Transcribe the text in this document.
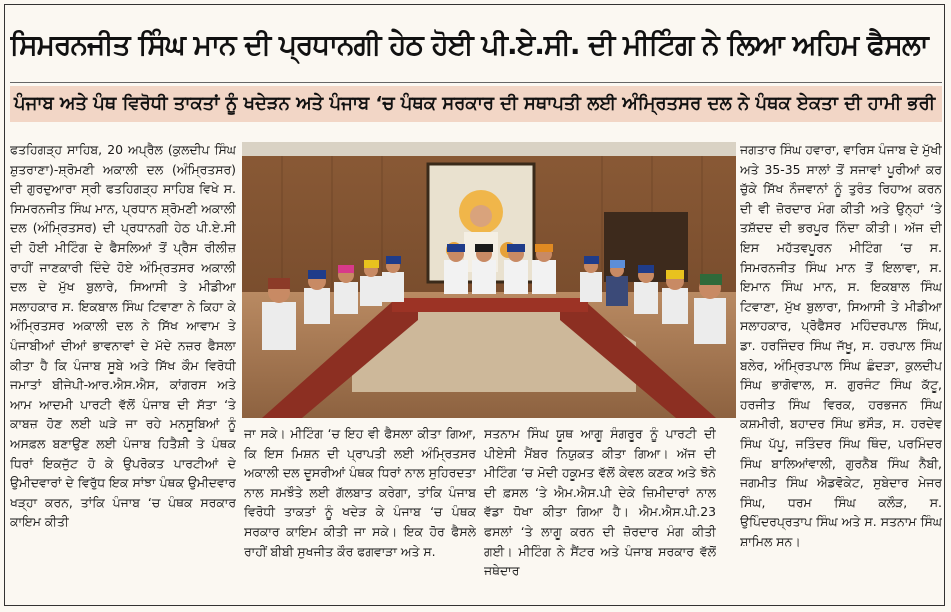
ਸਿਮਰਨਜੀਤ ਸਿੰਘ ਮਾਨ ਦੀ ਪ੍ਰਧਾਨਗੀ ਹੇਠ ਹੋਈ ਪੀ.ਏ.ਸੀ. ਦੀ ਮੀਟਿੰਗ ਨੇ ਲਿਆ ਅਹਿਮ ਫੈਸਲਾ
ਪੰਜਾਬ ਅਤੇ ਪੰਥ ਵਿਰੋਧੀ ਤਾਕਤਾਂ ਨੂੰ ਖਦੇੜਨ ਅਤੇ ਪੰਜਾਬ ‘ਚ ਪੰਥਕ ਸਰਕਾਰ ਦੀ ਸਥਾਪਤੀ ਲਈ ਅੰਮ੍ਰਿਤਸਰ ਦਲ ਨੇ ਪੰਥਕ ਏਕਤਾ ਦੀ ਹਾਮੀ ਭਰੀ
ਫਤਹਿਗੜ੍ਹ ਸਾਹਿਬ, 20 ਅਪ੍ਰੈਲ (ਕੁਲਦੀਪ ਸਿੰਘ ਸ਼ੁਤਰਾਣਾ)-ਸ਼੍ਰੋਮਣੀ ਅਕਾਲੀ ਦਲ (ਅੰਮ੍ਰਿਤਸਰ) ਦੀ ਗੁਰਦੁਆਰਾ ਸ੍ਰੀ ਫਤਹਿਗੜ੍ਹ ਸਾਹਿਬ ਵਿਖੇ ਸ. ਸਿਮਰਨਜੀਤ ਸਿੰਘ ਮਾਨ, ਪ੍ਰਧਾਨ ਸ਼੍ਰੋਮਣੀ ਅਕਾਲੀ ਦਲ (ਅੰਮ੍ਰਿਤਸਰ) ਦੀ ਪ੍ਰਧਾਨਗੀ ਹੇਠ ਪੀ.ਏ.ਸੀ ਦੀ ਹੋਈ ਮੀਟਿੰਗ ਦੇ ਫੈਸਲਿਆਂ ਤੋਂ ਪ੍ਰੈਸ ਰੀਲੀਜ਼ ਰਾਹੀਂ ਜਾਣਕਾਰੀ ਦਿੰਦੇ ਹੋਏ ਅੰਮ੍ਰਿਤਸਰ ਅਕਾਲੀ ਦਲ ਦੇ ਮੁੱਖ ਬੁਲਾਰੇ, ਸਿਆਸੀ ਤੇ ਮੀਡੀਆ ਸਲਾਹਕਾਰ ਸ. ਇਕਬਾਲ ਸਿੰਘ ਟਿਵਾਣਾ ਨੇ ਕਿਹਾ ਕੇ ਅੰਮ੍ਰਿਤਸਰ ਅਕਾਲੀ ਦਲ ਨੇ ਸਿੱਖ ਆਵਾਮ ਤੇ ਪੰਜਾਬੀਆਂ ਦੀਆਂ ਭਾਵਨਾਵਾਂ ਦੇ ਮੱਦੇ ਨਜ਼ਰ ਫੈਸਲਾ ਕੀਤਾ ਹੈ ਕਿ ਪੰਜਾਬ ਸੂਬੇ ਅਤੇ ਸਿੱਖ ਕੌਮ ਵਿਰੋਧੀ ਜਮਾਤਾਂ ਬੀਜੇਪੀ-ਆਰ.ਐਸ.ਐਸ, ਕਾਂਗਰਸ ਅਤੇ ਆਮ ਆਦਮੀ ਪਾਰਟੀ ਵੱਲੋਂ ਪੰਜਾਬ ਦੀ ਸੱਤਾ ‘ਤੇ ਕਾਬਜ਼ ਹੋਣ ਲਈ ਘੜੇ ਜਾ ਰਹੇ ਮਨਸੂਬਿਆਂ ਨੂੰ ਅਸਫ਼ਲ ਬਣਾਉਣ ਲਈ ਪੰਜਾਬ ਹਿਤੈਸ਼ੀ ਤੇ ਪੰਥਕ ਧਿਰਾਂ ਇਕਜੁੱਟ ਹੋ ਕੇ ਉਪਰੋਕਤ ਪਾਰਟੀਆਂ ਦੇ ਉਮੀਦਵਾਰਾਂ ਦੇ ਵਿਰੁੱਧ ਇਕ ਸਾਂਝਾ ਪੰਥਕ ਉਮੀਦਵਾਰ ਖੜ੍ਹਾ ਕਰਨ, ਤਾਂਕਿ ਪੰਜਾਬ ‘ਚ ਪੰਥਕ ਸਰਕਾਰ ਕਾਇਮ ਕੀਤੀ
ਜਾ ਸਕੇ। ਮੀਟਿੰਗ ‘ਚ ਇਹ ਵੀ ਫੈਸਲਾ ਕੀਤਾ ਗਿਆ, ਕਿ ਇਸ ਮਿਸ਼ਨ ਦੀ ਪ੍ਰਾਪਤੀ ਲਈ ਅੰਮ੍ਰਿਤਸਰ ਅਕਾਲੀ ਦਲ ਦੂਸਰੀਆਂ ਪੰਥਕ ਧਿਰਾਂ ਨਾਲ ਸੁਹਿਰਦਤਾ ਨਾਲ ਸਮਝੌਤੇ ਲਈ ਗੱਲਬਾਤ ਕਰੇਗਾ, ਤਾਂਕਿ ਪੰਜਾਬ ਵਿਰੋਧੀ ਤਾਕਤਾਂ ਨੂੰ ਖਦੇੜ ਕੇ ਪੰਜਾਬ ‘ਚ ਪੰਥਕ ਸਰਕਾਰ ਕਾਇਮ ਕੀਤੀ ਜਾ ਸਕੇ। ਇਕ ਹੋਰ ਫੈਸਲੇ ਰਾਹੀਂ ਬੀਬੀ ਸੁਖਜੀਤ ਕੌਰ ਫਗਵਾੜਾ ਅਤੇ ਸ.
ਸਤਨਾਮ ਸਿੰਘ ਯੂਥ ਆਗੂ ਸੰਗਰੂਰ ਨੂੰ ਪਾਰਟੀ ਦੀ ਪੀਏਸੀ ਮੈਂਬਰ ਨਿਯੁਕਤ ਕੀਤਾ ਗਿਆ। ਅੱਜ ਦੀ ਮੀਟਿੰਗ ‘ਚ ਮੋਦੀ ਹਕੂਮਤ ਵੱਲੋਂ ਕੇਵਲ ਕਣਕ ਅਤੇ ਝੋਨੇ ਦੀ ਫ਼ਸਲ ‘ਤੇ ਐਮ.ਐਸ.ਪੀ ਦੇਕੇ ਜ਼ਿਮੀਦਾਰਾਂ ਨਾਲ ਵੱਡਾ ਧੋਖਾ ਕੀਤਾ ਗਿਆ ਹੈ। ਐਮ.ਐਸ.ਪੀ.23 ਫਸਲਾਂ ‘ਤੇ ਲਾਗੂ ਕਰਨ ਦੀ ਜ਼ੋਰਦਾਰ ਮੰਗ ਕੀਤੀ ਗਈ। ਮੀਟਿੰਗ ਨੇ ਸੈਂਟਰ ਅਤੇ ਪੰਜਾਬ ਸਰਕਾਰ ਵੱਲੋਂ ਜਥੇਦਾਰ
ਜਗਤਾਰ ਸਿੰਘ ਹਵਾਰਾ, ਵਾਰਿਸ ਪੰਜਾਬ ਦੇ ਮੁੱਖੀ ਅਤੇ 35-35 ਸਾਲਾਂ ਤੋਂ ਸਜਾਵਾਂ ਪੂਰੀਆਂ ਕਰ ਚੁੱਕੇ ਸਿੱਖ ਨੌਜਵਾਨਾਂ ਨੂੰ ਤੁਰੰਤ ਰਿਹਾਅ ਕਰਨ ਦੀ ਵੀ ਜ਼ੋਰਦਾਰ ਮੰਗ ਕੀਤੀ ਅਤੇ ਉਨ੍ਹਾਂ ‘ਤੇ ਤਸ਼ੱਦਦ ਦੀ ਭਰਪੂਰ ਨਿੰਦਾ ਕੀਤੀ। ਅੱਜ ਦੀ ਇਸ ਮਹੱਤਵਪੂਰਨ ਮੀਟਿੰਗ ‘ਚ ਸ. ਸਿਮਰਨਜੀਤ ਸਿੰਘ ਮਾਨ ਤੋਂ ਇਲਾਵਾ, ਸ. ਇਮਾਨ ਸਿੰਘ ਮਾਨ, ਸ. ਇਕਬਾਲ ਸਿੰਘ ਟਿਵਾਣਾ, ਮੁੱਖ ਬੁਲਾਰਾ, ਸਿਆਸੀ ਤੇ ਮੀਡੀਆ ਸਲਾਹਕਾਰ, ਪ੍ਰੋਫੈਸਰ ਮਹਿੰਦਰਪਾਲ ਸਿੰਘ, ਡਾ. ਹਰਜਿੰਦਰ ਸਿੰਘ ਜੱਖੂ, ਸ. ਹਰਪਾਲ ਸਿੰਘ ਬਲੇਰ, ਅੰਮ੍ਰਿਤਪਾਲ ਸਿੰਘ ਛੰਦੜਾ, ਕੁਲਦੀਪ ਸਿੰਘ ਭਾਗੋਵਾਲ, ਸ. ਗੁਰਜੰਟ ਸਿੰਘ ਕੱਟੂ, ਹਰਜੀਤ ਸਿੰਘ ਵਿਰਕ, ਹਰਭਜਨ ਸਿੰਘ ਕਸ਼ਮੀਰੀ, ਬਹਾਦਰ ਸਿੰਘ ਭਸੌੜ, ਸ. ਹਰਦੇਵ ਸਿੰਘ ਪੱਪੂ, ਜਤਿੰਦਰ ਸਿੰਘ ਥਿੰਦ, ਪਰਮਿੰਦਰ ਸਿੰਘ ਬਾਲਿਆਂਵਾਲੀ, ਗੁਰਨੈਬ ਸਿੰਘ ਨੈਬੀ, ਜਗਮੀਤ ਸਿੰਘ ਐਡਵੋਕੇਟ, ਸੁਬੇਦਾਰ ਮੇਜਰ ਸਿੰਘ, ਧਰਮ ਸਿੰਘ ਕਲੌੜ, ਸ. ਉਪਿੰਦਰਪ੍ਰਤਾਪ ਸਿੰਘ ਅਤੇ ਸ. ਸਤਨਾਮ ਸਿੰਘ ਸ਼ਾਮਿਲ ਸਨ।
